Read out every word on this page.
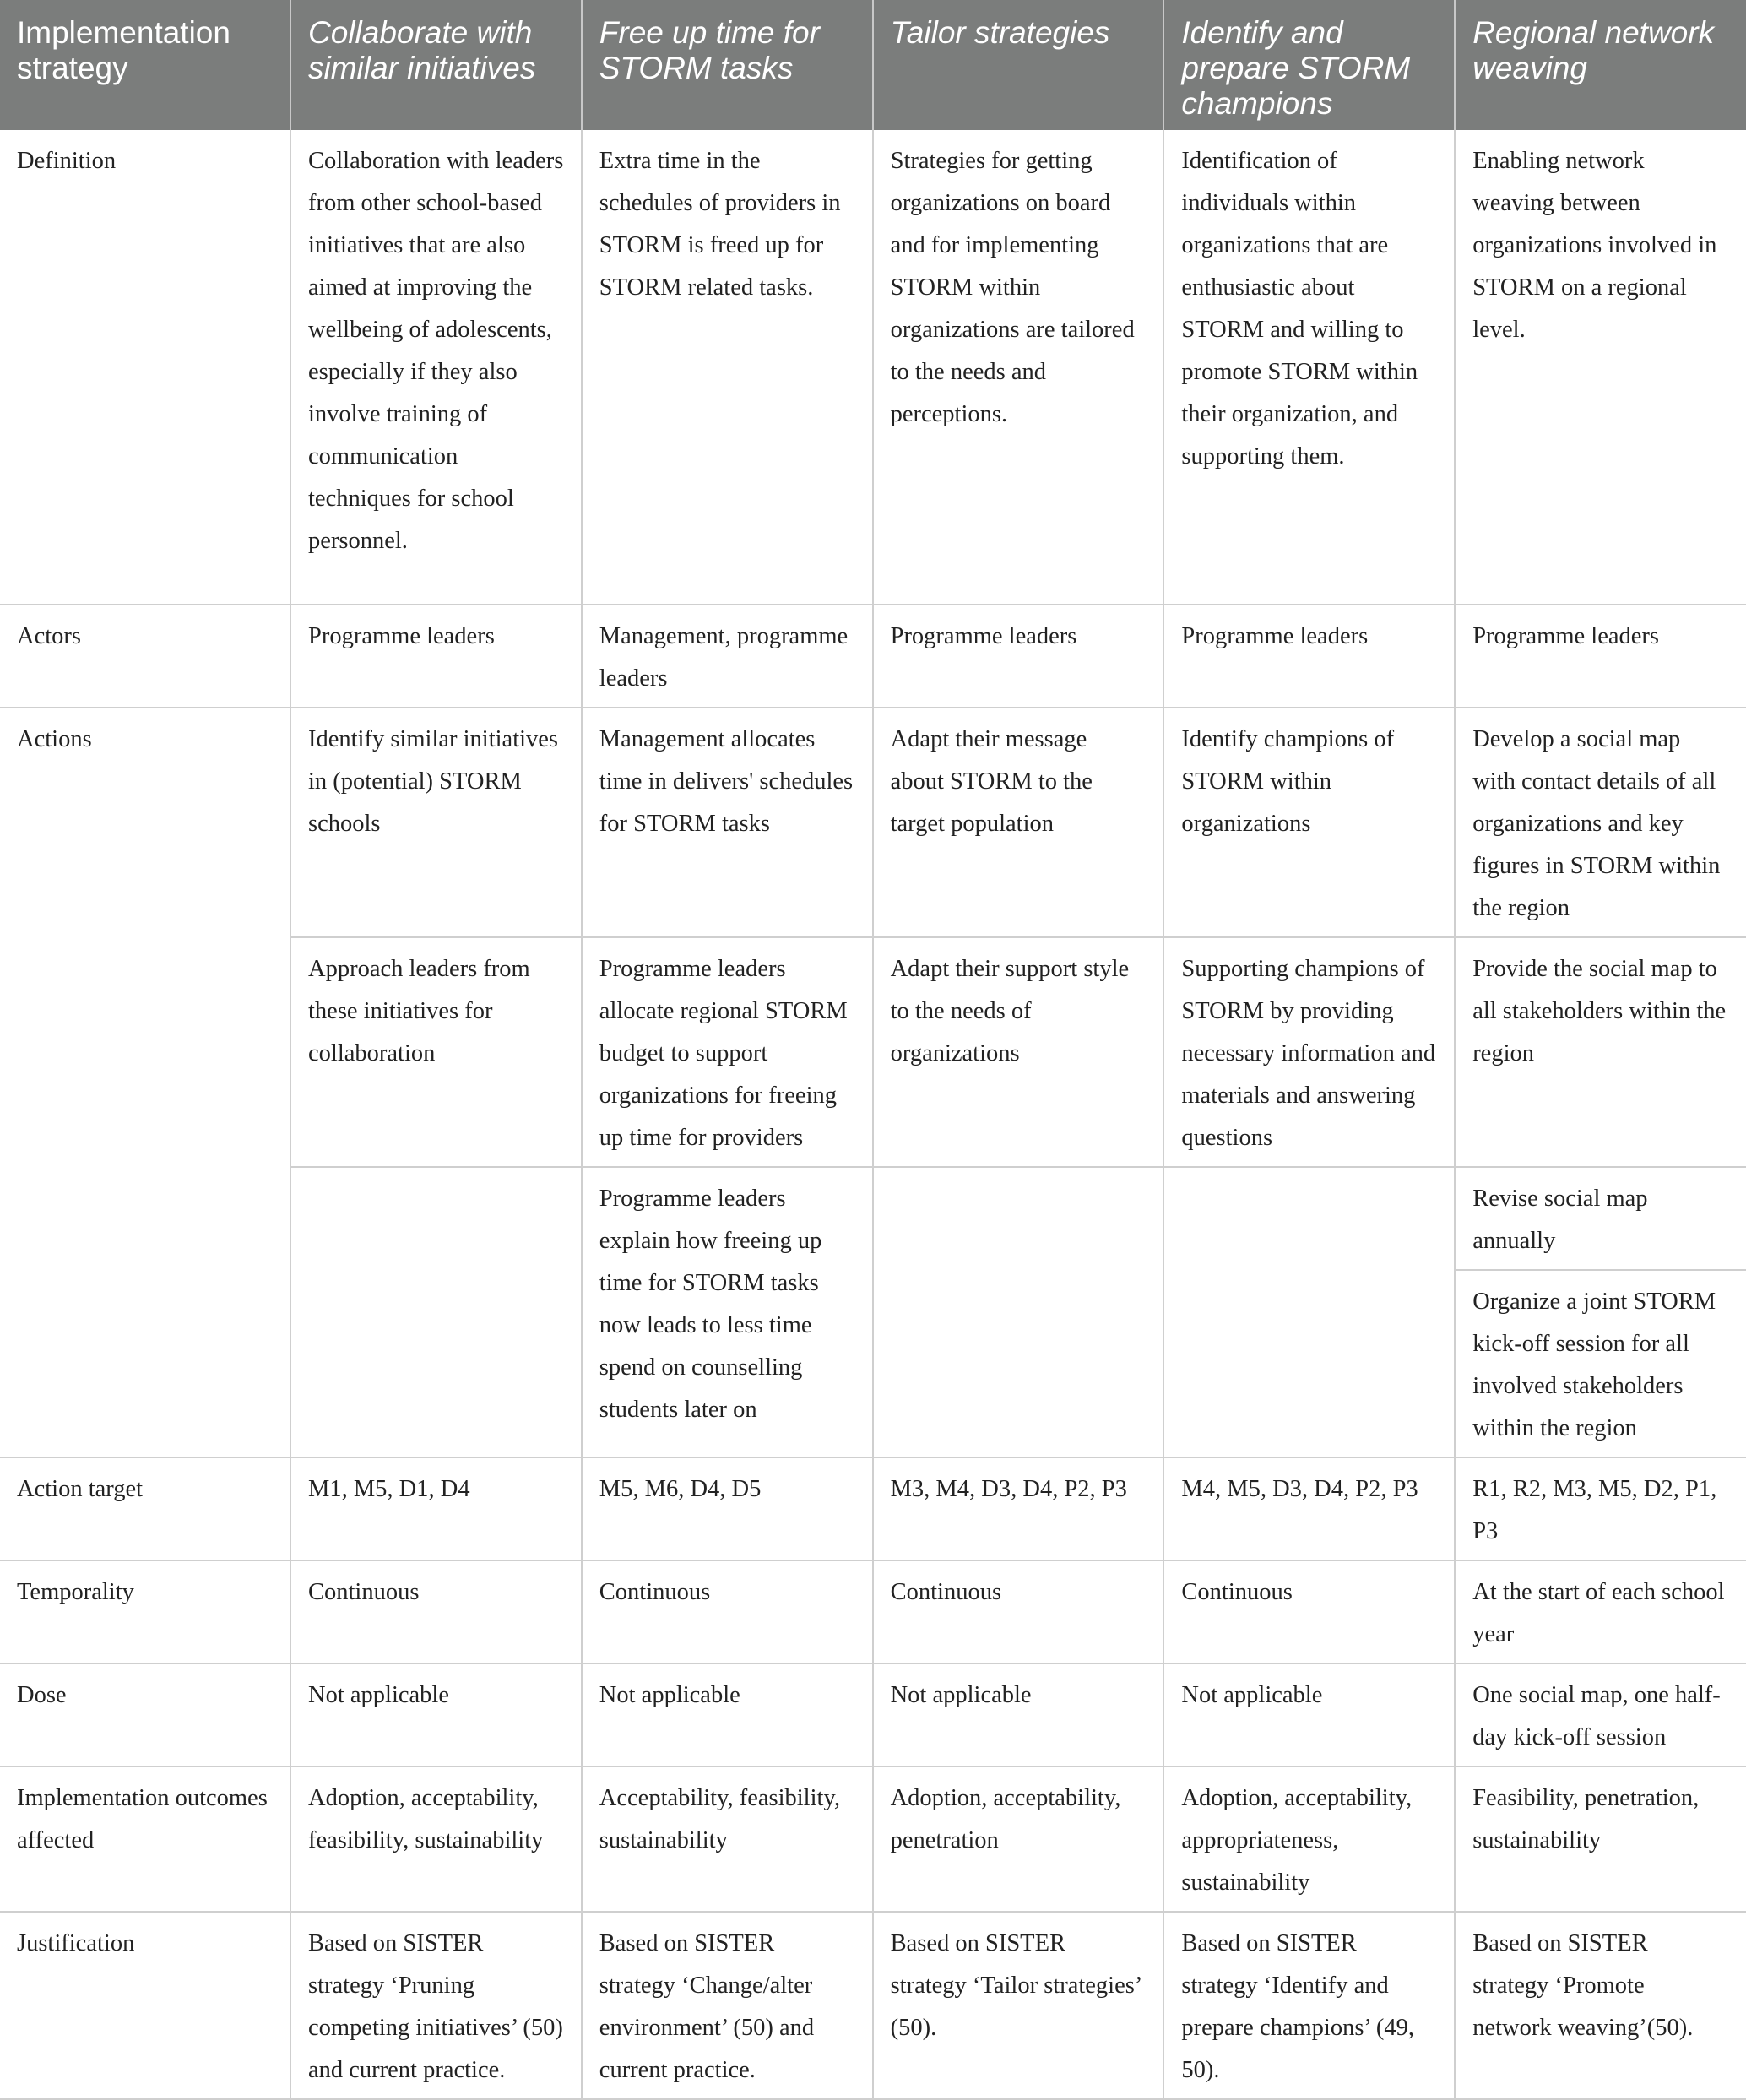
Implementation strategy	Collaborate with similar initiatives	Free up time for STORM tasks	Tailor strategies	Identify and prepare STORM champions	Regional network weaving
Definition	Collaboration with leaders from other school-based initiatives that are also aimed at improving the wellbeing of adolescents, especially if they also involve training of communication techniques for school personnel.	Extra time in the schedules of providers in STORM is freed up for STORM related tasks.	Strategies for getting organizations on board and for implementing STORM within organizations are tailored to the needs and perceptions.	Identification of individuals within organizations that are enthusiastic about STORM and willing to promote STORM within their organization, and supporting them.	Enabling network weaving between organizations involved in STORM on a regional level.
Actors	Programme leaders	Management, programme leaders	Programme leaders	Programme leaders	Programme leaders
Actions	Identify similar initiatives in (potential) STORM schools	Management allocates time in delivers' schedules for STORM tasks	Adapt their message about STORM to the target population	Identify champions of STORM within organizations	Develop a social map with contact details of all organizations and key figures in STORM within the region
	Approach leaders from these initiatives for collaboration	Programme leaders allocate regional STORM budget to support organizations for freeing up time for providers	Adapt their support style to the needs of organizations	Supporting champions of STORM by providing necessary information and materials and answering questions	Provide the social map to all stakeholders within the region
		Programme leaders explain how freeing up time for STORM tasks now leads to less time spend on counselling students later on			Revise social map annually
					Organize a joint STORM kick-off session for all involved stakeholders within the region
Action target	M1, M5, D1, D4	M5, M6, D4, D5	M3, M4, D3, D4, P2, P3	M4, M5, D3, D4, P2, P3	R1, R2, M3, M5, D2, P1, P3
Temporality	Continuous	Continuous	Continuous	Continuous	At the start of each school year
Dose	Not applicable	Not applicable	Not applicable	Not applicable	One social map, one half-day kick-off session
Implementation outcomes affected	Adoption, acceptability, feasibility, sustainability	Acceptability, feasibility, sustainability	Adoption, acceptability, penetration	Adoption, acceptability, appropriateness, sustainability	Feasibility, penetration, sustainability
Justification	Based on SISTER strategy ‘Pruning competing initiatives’ (50) and current practice.	Based on SISTER strategy ‘Change/alter environment’ (50) and current practice.	Based on SISTER strategy ‘Tailor strategies’ (50).	Based on SISTER strategy ‘Identify and prepare champions’ (49, 50).	Based on SISTER strategy ‘Promote network weaving’(50).
